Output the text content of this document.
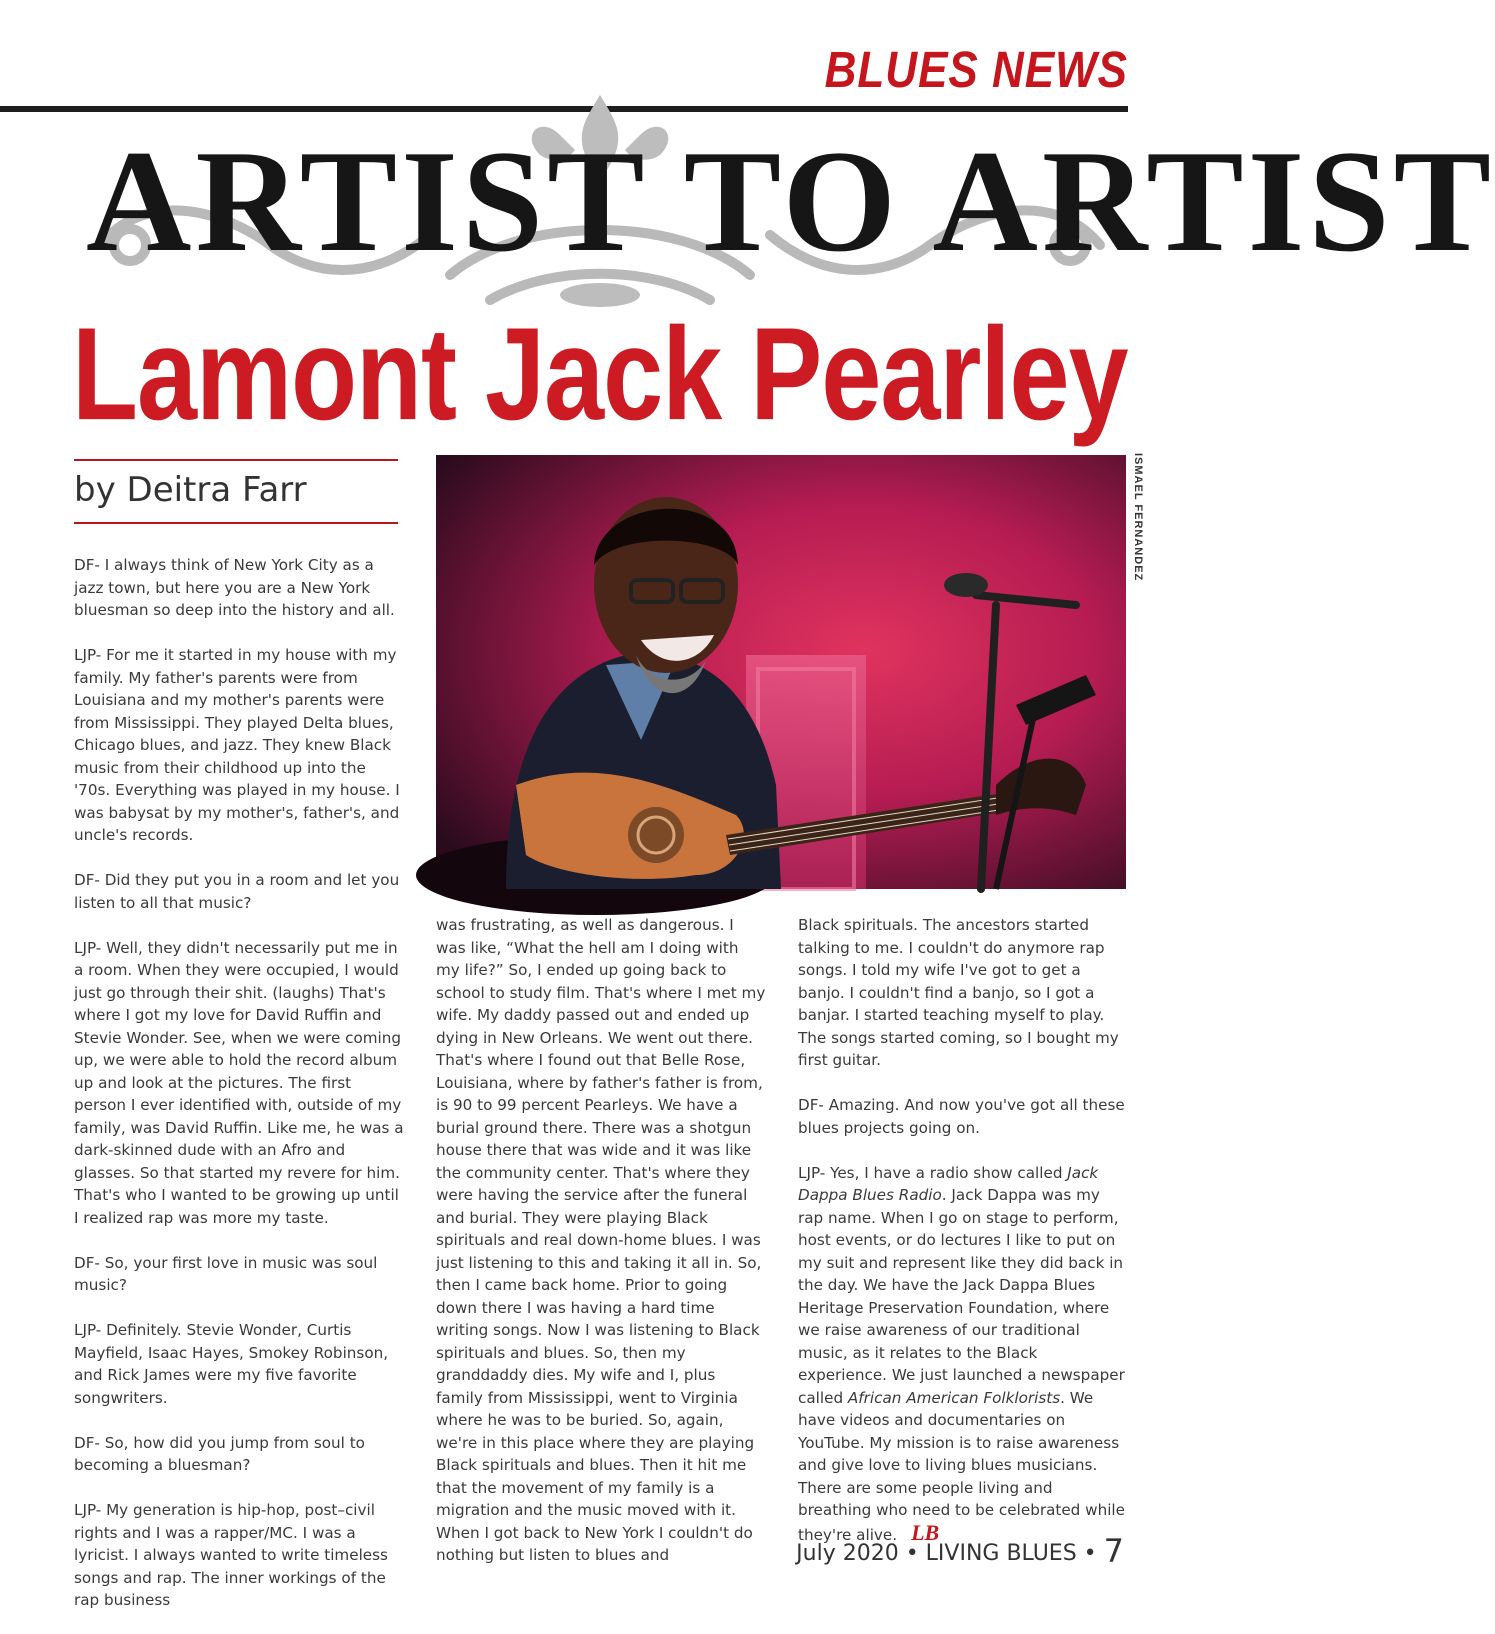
BLUES NEWS
ARTIST TO ARTIST
Lamont Jack Pearley
by Deitra Farr	ISMAEL FERNANDEZ

DF- I always think of New York City as a jazz town, but here you are a New York bluesman so deep into the history and all.

LJP- For me it started in my house with my family. My father's parents were from Louisiana and my mother's parents were from Mississippi. They played Delta blues, Chicago blues, and jazz. They knew Black music from their childhood up into the '70s. Everything was played in my house. I was babysat by my mother's, father's, and uncle's records.

DF- Did they put you in a room and let you listen to all that music?

LJP- Well, they didn't necessarily put me in a room. When they were occupied, I would just go through their shit. (laughs) That's where I got my love for David Ruffin and Stevie Wonder. See, when we were coming up, we were able to hold the record album up and look at the pictures. The first person I ever identified with, outside of my family, was David Ruffin. Like me, he was a dark-skinned dude with an Afro and glasses. So that started my revere for him. That's who I wanted to be growing up until I realized rap was more my taste.

DF- So, your first love in music was soul music?

LJP- Definitely. Stevie Wonder, Curtis Mayfield, Isaac Hayes, Smokey Robinson, and Rick James were my five favorite songwriters.

DF- So, how did you jump from soul to becoming a bluesman?

LJP- My generation is hip-hop, post–civil rights and I was a rapper/MC. I was a lyricist. I always wanted to write timeless songs and rap. The inner workings of the rap business

was frustrating, as well as dangerous. I was like, “What the hell am I doing with my life?” So, I ended up going back to school to study film. That's where I met my wife. My daddy passed out and ended up dying in New Orleans. We went out there. That's where I found out that Belle Rose, Louisiana, where by father's father is from, is 90 to 99 percent Pearleys. We have a burial ground there. There was a shotgun house there that was wide and it was like the community center. That's where they were having the service after the funeral and burial. They were playing Black spirituals and real down-home blues. I was just listening to this and taking it all in. So, then I came back home. Prior to going down there I was having a hard time writing songs. Now I was listening to Black spirituals and blues. So, then my granddaddy dies. My wife and I, plus family from Mississippi, went to Virginia where he was to be buried. So, again, we're in this place where they are playing Black spirituals and blues. Then it hit me that the movement of my family is a migration and the music moved with it. When I got back to New York I couldn't do nothing but listen to blues and

Black spirituals. The ancestors started talking to me. I couldn't do anymore rap songs. I told my wife I've got to get a banjo. I couldn't find a banjo, so I got a banjar. I started teaching myself to play. The songs started coming, so I bought my first guitar.

DF- Amazing. And now you've got all these blues projects going on.

LJP- Yes, I have a radio show called Jack Dappa Blues Radio. Jack Dappa was my rap name. When I go on stage to perform, host events, or do lectures I like to put on my suit and represent like they did back in the day. We have the Jack Dappa Blues Heritage Preservation Foundation, where we raise awareness of our traditional music, as it relates to the Black experience. We just launched a newspaper called African American Folklorists. We have videos and documentaries on YouTube. My mission is to raise awareness and give love to living blues musicians. There are some people living and breathing who need to be celebrated while they're alive. LB

July 2020 • LIVING BLUES • 7
